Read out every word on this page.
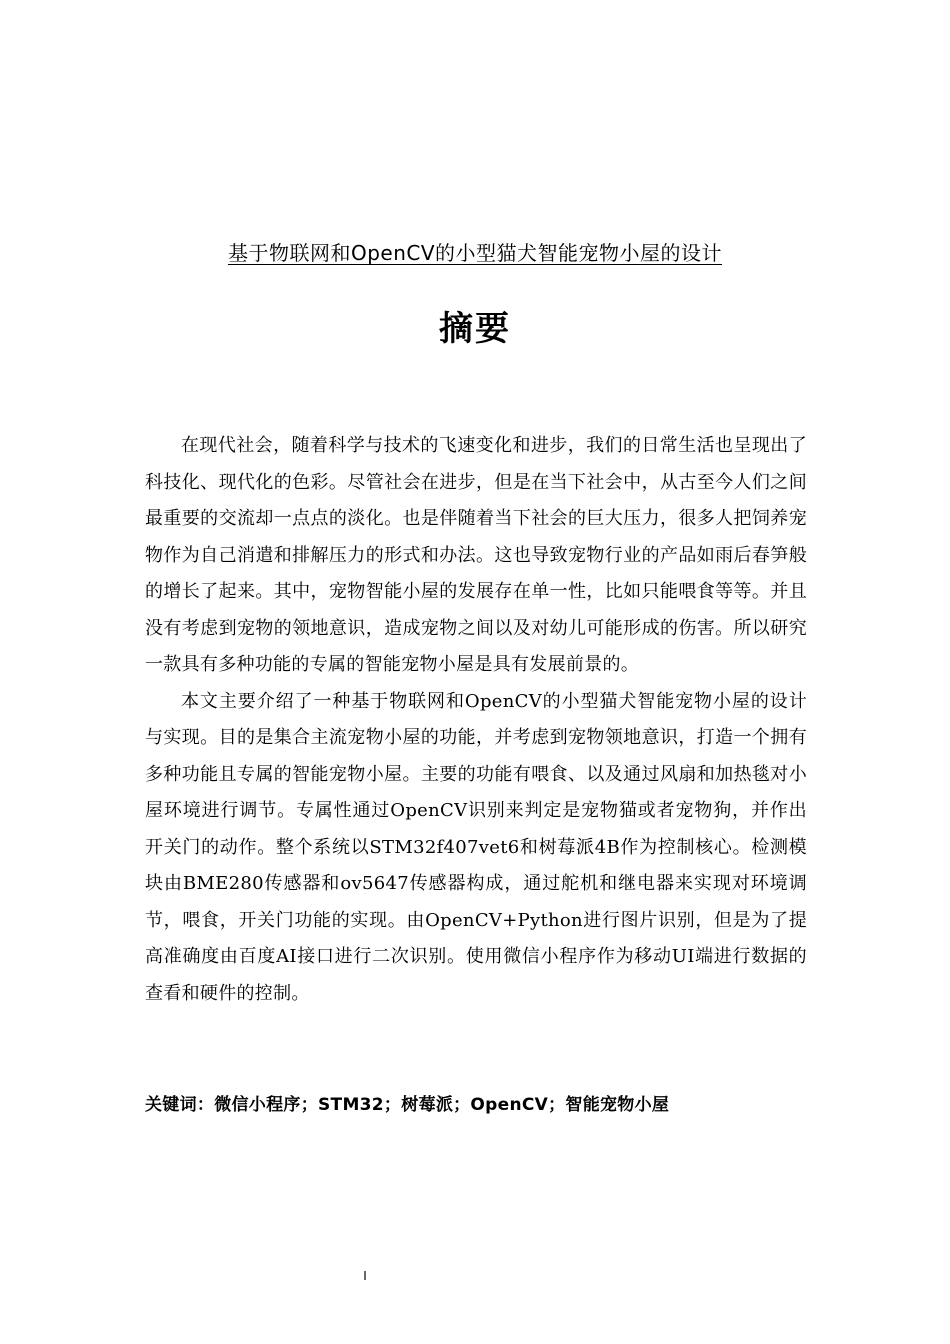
基于物联网和OpenCV的小型猫犬智能宠物小屋的设计
摘要

在现代社会，随着科学与技术的飞速变化和进步，我们的日常生活也呈现出了科技化、现代化的色彩。尽管社会在进步，但是在当下社会中，从古至今人们之间最重要的交流却一点点的淡化。也是伴随着当下社会的巨大压力，很多人把饲养宠物作为自己消遣和排解压力的形式和办法。这也导致宠物行业的产品如雨后春笋般的增长了起来。其中，宠物智能小屋的发展存在单一性，比如只能喂食等等。并且没有考虑到宠物的领地意识，造成宠物之间以及对幼儿可能形成的伤害。所以研究一款具有多种功能的专属的智能宠物小屋是具有发展前景的。

本文主要介绍了一种基于物联网和OpenCV的小型猫犬智能宠物小屋的设计与实现。目的是集合主流宠物小屋的功能，并考虑到宠物领地意识，打造一个拥有多种功能且专属的智能宠物小屋。主要的功能有喂食、以及通过风扇和加热毯对小屋环境进行调节。专属性通过OpenCV识别来判定是宠物猫或者宠物狗，并作出开关门的动作。整个系统以STM32f407vet6和树莓派4B作为控制核心。检测模块由BME280传感器和ov5647传感器构成，通过舵机和继电器来实现对环境调节，喂食，开关门功能的实现。由OpenCV+Python进行图片识别，但是为了提高准确度由百度AI接口进行二次识别。使用微信小程序作为移动UI端进行数据的查看和硬件的控制。

关键词：微信小程序；STM32；树莓派；OpenCV；智能宠物小屋
I
